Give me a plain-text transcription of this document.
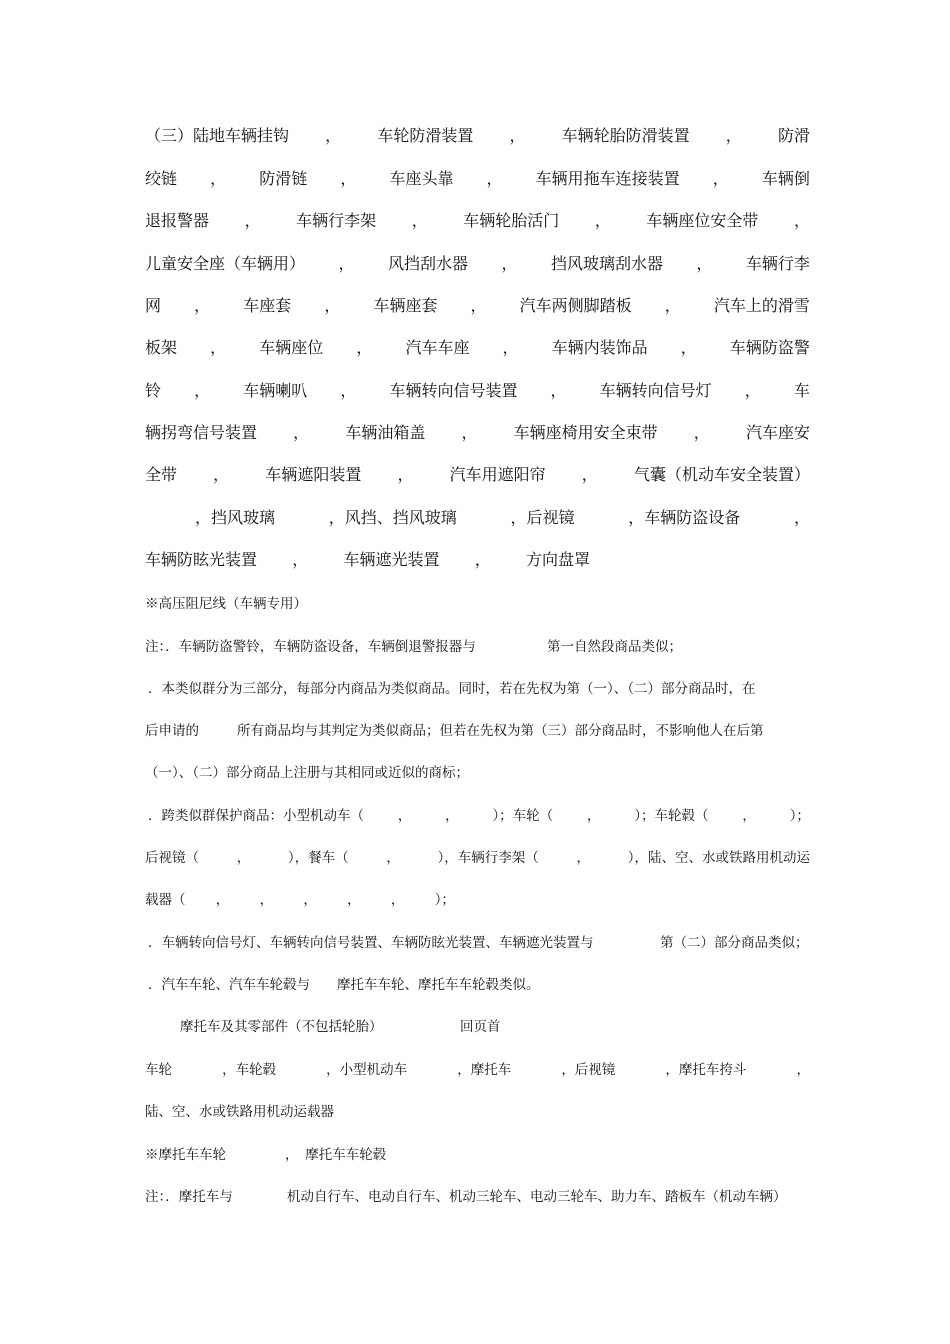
（三）陆地车辆挂钩 ， 车轮防滑装置 ， 车辆轮胎防滑装置 ， 防滑
绞链 ， 防滑链 ， 车座头靠 ， 车辆用拖车连接装置 ， 车辆倒
退报警器 ， 车辆行李架 ， 车辆轮胎活门 ， 车辆座位安全带 ，
儿童安全座（车辆用） ， 风挡刮水器 ， 挡风玻璃刮水器 ， 车辆行李
网 ， 车座套 ， 车辆座套 ， 汽车两侧脚踏板 ， 汽车上的滑雪
板架 ， 车辆座位 ， 汽车车座 ， 车辆内装饰品 ， 车辆防盗警
铃 ， 车辆喇叭 ， 车辆转向信号装置 ， 车辆转向信号灯 ， 车
辆拐弯信号装置 ， 车辆油箱盖 ， 车辆座椅用安全束带 ， 汽车座安
全带 ， 车辆遮阳装置 ， 汽车用遮阳帘 ， 气囊（机动车安全装置）
，挡风玻璃	，风挡、挡风玻璃	，后视镜	，车辆防盗设备	，
车辆防眩光装置 ， 车辆遮光装置 ， 方向盘罩
※高压阻尼线（车辆专用）
注：．车辆防盗警铃，车辆防盗设备，车辆倒退警报器与	第一自然段商品类似；
．本类似群分为三部分，每部分内商品为类似商品。同时，若在先权为第（一）、（二）部分商品时，在
后申请的	所有商品均与其判定为类似商品；但若在先权为第（三）部分商品时，不影响他人在后第
（一）、（二）部分商品上注册与其相同或近似的商标；
．跨类似群保护商品：小型机动车（	，	，	）；车轮（	，	）；车轮毂（	，	）；
后视镜（	，	），餐车（	，	），车辆行李架（	，	），陆、空、水或铁路用机动运
载器（ ， ， ， ， ， ）；
．车辆转向信号灯、车辆转向信号装置、车辆防眩光装置、车辆遮光装置与	第（二）部分商品类似；
．汽车车轮、汽车车轮毂与　　摩托车车轮、摩托车车轮毂类似。
摩托车及其零部件（不包括轮胎）	回页首
车轮	，车轮毂	，小型机动车	，摩托车	，后视镜	，摩托车挎斗	，
陆、空、水或铁路用机动运载器
※摩托车车轮	，　摩托车车轮毂
注：．摩托车与	机动自行车、电动自行车、机动三轮车、电动三轮车、助力车、踏板车（机动车辆）
